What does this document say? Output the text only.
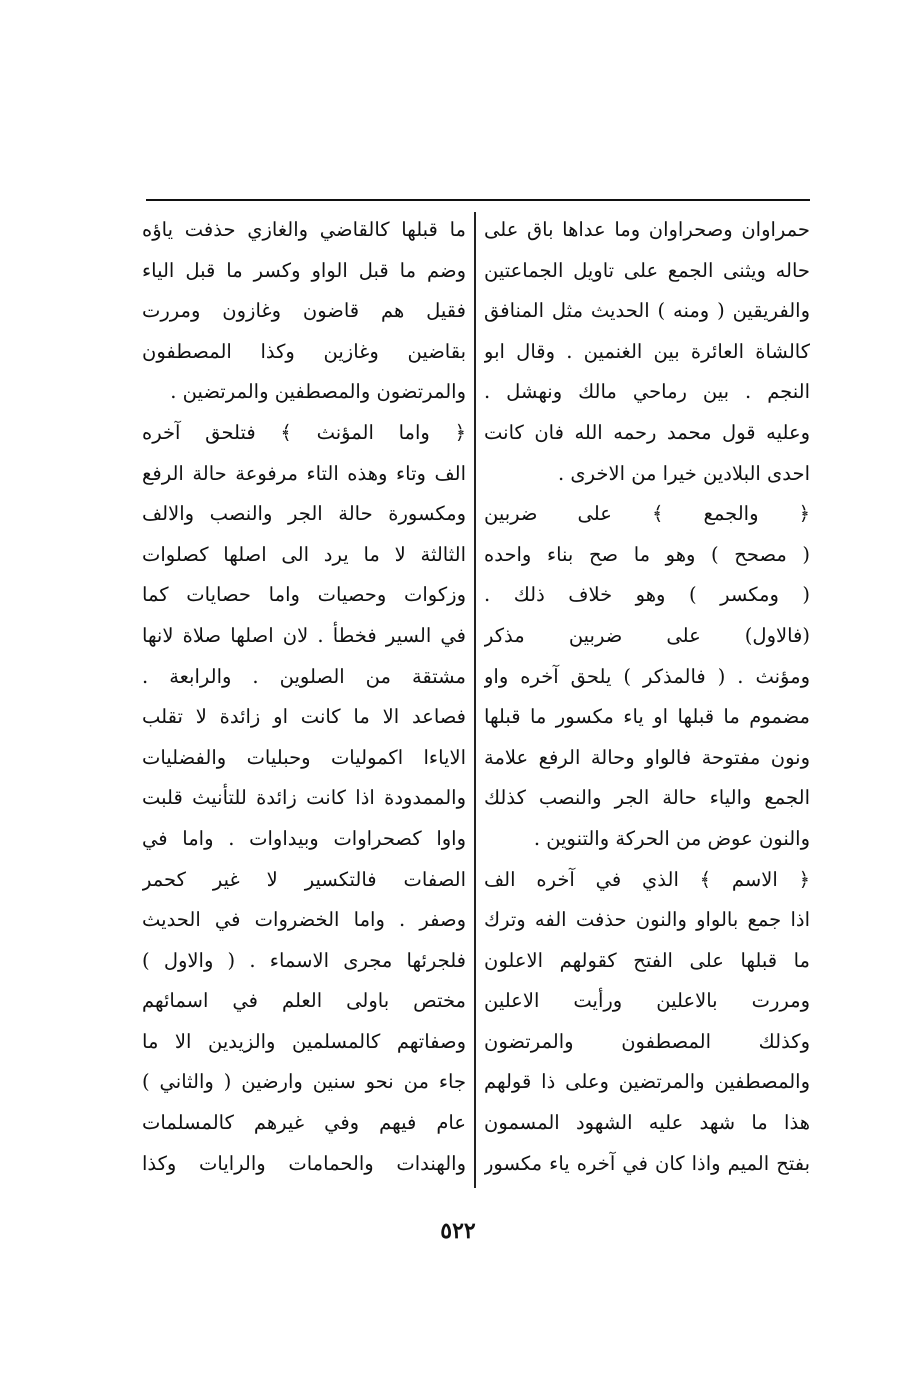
حمراوان وصحراوان وما عداها باق على
حاله ويثنى الجمع على تاويل الجماعتين
والفريقين ( ومنه ) الحديث مثل المنافق
كالشاة العائرة بين الغنمين . وقال ابو
النجم . بين رماحي مالك ونهشل .
وعليه قول محمد رحمه الله فان كانت
احدى البلادين خيرا من الاخرى .
﴿ والجمع ﴾ على ضربين
( مصحح ) وهو ما صح بناء واحده
( ومكسر ) وهو خلاف ذلك .
(فالاول) على ضربين مذكر
ومؤنث . ( فالمذكر ) يلحق آخره واو
مضموم ما قبلها او ياء مكسور ما قبلها
ونون مفتوحة فالواو وحالة الرفع علامة
الجمع والياء حالة الجر والنصب كذلك
والنون عوض من الحركة والتنوين .
﴿ الاسم ﴾ الذي في آخره الف
اذا جمع بالواو والنون حذفت الفه وترك
ما قبلها على الفتح كقولهم الاعلون
ومررت بالاعلين ورأيت الاعلين
وكذلك المصطفون والمرتضون
والمصطفين والمرتضين وعلى ذا قولهم
هذا ما شهد عليه الشهود المسمون
بفتح الميم واذا كان في آخره ياء مكسور
ما قبلها كالقاضي والغازي حذفت ياؤه
وضم ما قبل الواو وكسر ما قبل الياء
فقيل هم قاضون وغازون ومررت
بقاضين وغازين وكذا المصطفون
والمرتضون والمصطفين والمرتضين .
﴿ واما المؤنث ﴾ فتلحق آخره
الف وتاء وهذه التاء مرفوعة حالة الرفع
ومكسورة حالة الجر والنصب والالف
الثالثة لا ما يرد الى اصلها كصلوات
وزكوات وحصيات واما حصايات كما
في السير فخطأ . لان اصلها صلاة لانها
مشتقة من الصلوين . والرابعة .
فصاعد الا ما كانت او زائدة لا تقلب
الاياءا اكموليات وحبليات والفضليات
والممدودة اذا كانت زائدة للتأنيث قلبت
واوا كصحراوات وبيداوات . واما في
الصفات فالتكسير لا غير كحمر
وصفر . واما الخضروات في الحديث
فلجرئها مجرى الاسماء . ( والاول )
مختص باولى العلم في اسمائهم
وصفاتهم كالمسلمين والزيدين الا ما
جاء من نحو سنين وارضين ( والثاني )
عام فيهم وفي غيرهم كالمسلمات
والهندات والحمامات والرايات وكذا
٥٢٢
